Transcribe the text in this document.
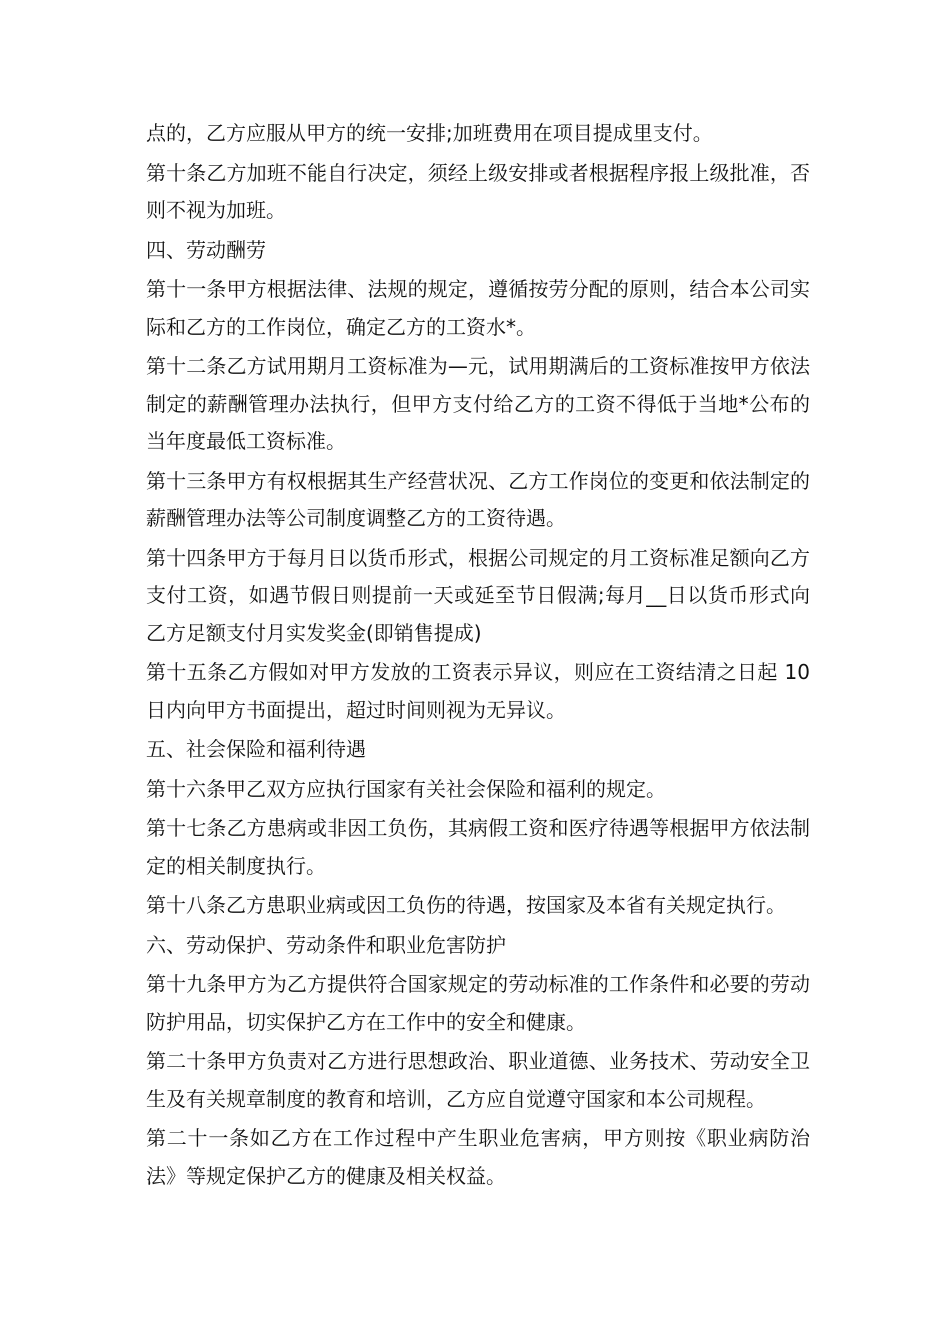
点的，乙方应服从甲方的统一安排;加班费用在项目提成里支付。

第十条乙方加班不能自行决定，须经上级安排或者根据程序报上级批准，否则不视为加班。

四、劳动酬劳

第十一条甲方根据法律、法规的规定，遵循按劳分配的原则，结合本公司实际和乙方的工作岗位，确定乙方的工资水*。

第十二条乙方试用期月工资标准为—元，试用期满后的工资标准按甲方依法制定的薪酬管理办法执行，但甲方支付给乙方的工资不得低于当地*公布的当年度最低工资标准。

第十三条甲方有权根据其生产经营状况、乙方工作岗位的变更和依法制定的薪酬管理办法等公司制度调整乙方的工资待遇。

第十四条甲方于每月日以货币形式，根据公司规定的月工资标准足额向乙方支付工资，如遇节假日则提前一天或延至节日假满;每月__日以货币形式向乙方足额支付月实发奖金(即销售提成)

第十五条乙方假如对甲方发放的工资表示异议，则应在工资结清之日起 10 日内向甲方书面提出，超过时间则视为无异议。

五、社会保险和福利待遇

第十六条甲乙双方应执行国家有关社会保险和福利的规定。

第十七条乙方患病或非因工负伤，其病假工资和医疗待遇等根据甲方依法制定的相关制度执行。

第十八条乙方患职业病或因工负伤的待遇，按国家及本省有关规定执行。

六、劳动保护、劳动条件和职业危害防护

第十九条甲方为乙方提供符合国家规定的劳动标准的工作条件和必要的劳动防护用品，切实保护乙方在工作中的安全和健康。

第二十条甲方负责对乙方进行思想政治、职业道德、业务技术、劳动安全卫生及有关规章制度的教育和培训，乙方应自觉遵守国家和本公司规程。

第二十一条如乙方在工作过程中产生职业危害病，甲方则按《职业病防治法》等规定保护乙方的健康及相关权益。
